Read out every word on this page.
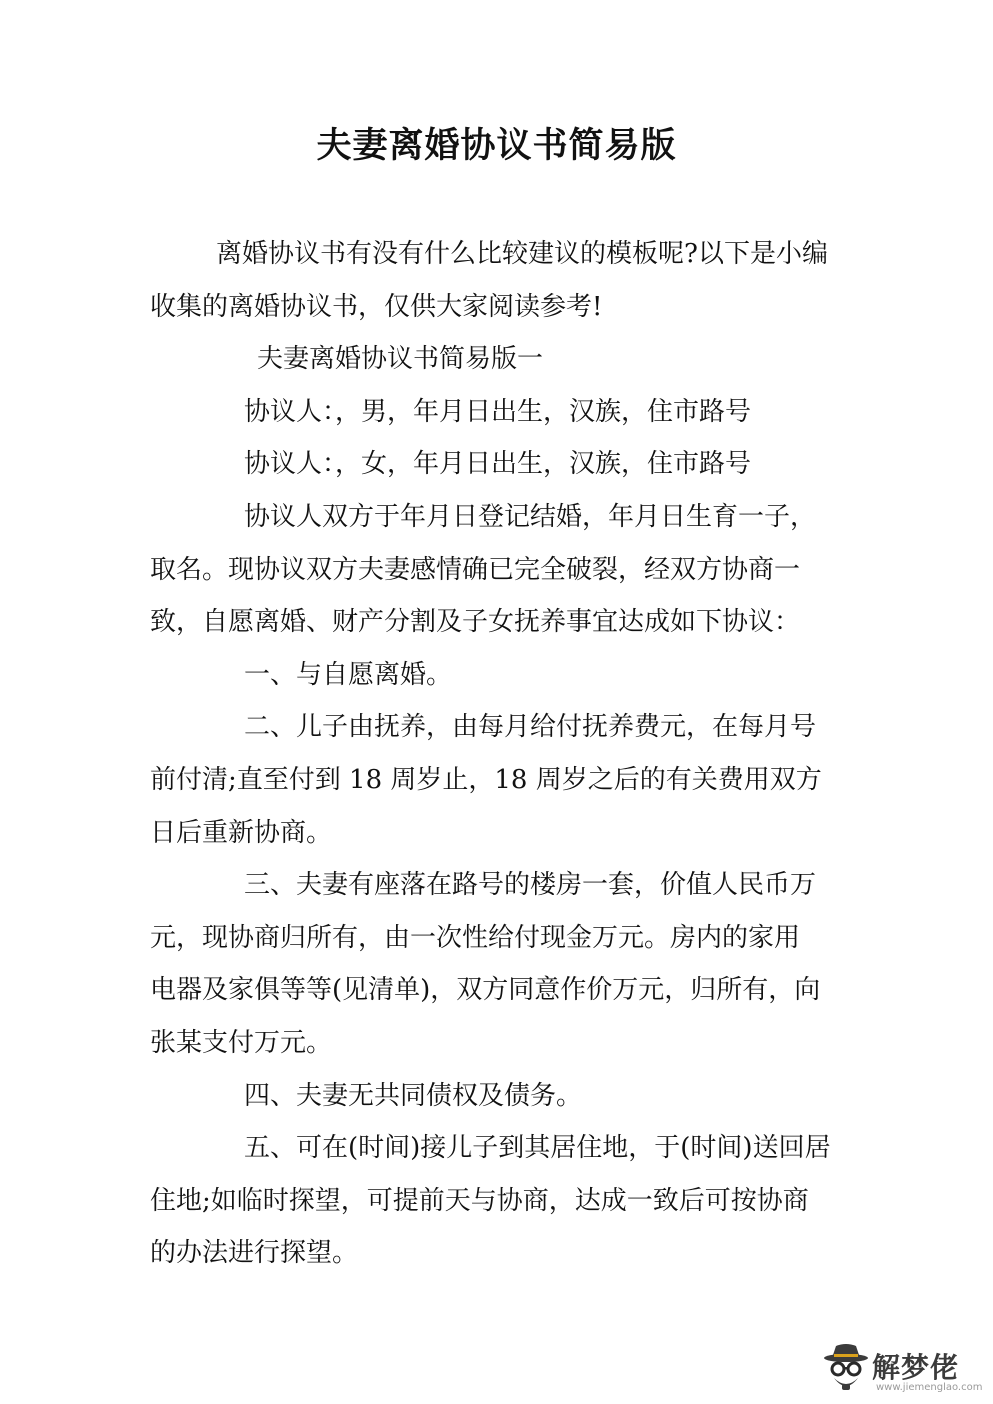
夫妻离婚协议书简易版

离婚协议书有没有什么比较建议的模板呢?以下是小编

收集的离婚协议书，仅供大家阅读参考!

夫妻离婚协议书简易版一

协议人：，男，年月日出生，汉族，住市路号

协议人：，女，年月日出生，汉族，住市路号

协议人双方于年月日登记结婚，年月日生育一子，

取名。现协议双方夫妻感情确已完全破裂，经双方协商一

致，自愿离婚、财产分割及子女抚养事宜达成如下协议：

一、与自愿离婚。

二、儿子由抚养，由每月给付抚养费元，在每月号

前付清;直至付到 18 周岁止，18 周岁之后的有关费用双方

日后重新协商。

三、夫妻有座落在路号的楼房一套，价值人民币万

元，现协商归所有，由一次性给付现金万元。房内的家用

电器及家俱等等(见清单)，双方同意作价万元，归所有，向

张某支付万元。

四、夫妻无共同债权及债务。

五、可在(时间)接儿子到其居住地，于(时间)送回居

住地;如临时探望，可提前天与协商，达成一致后可按协商

的办法进行探望。

解梦佬
www.jiemenglao.com
